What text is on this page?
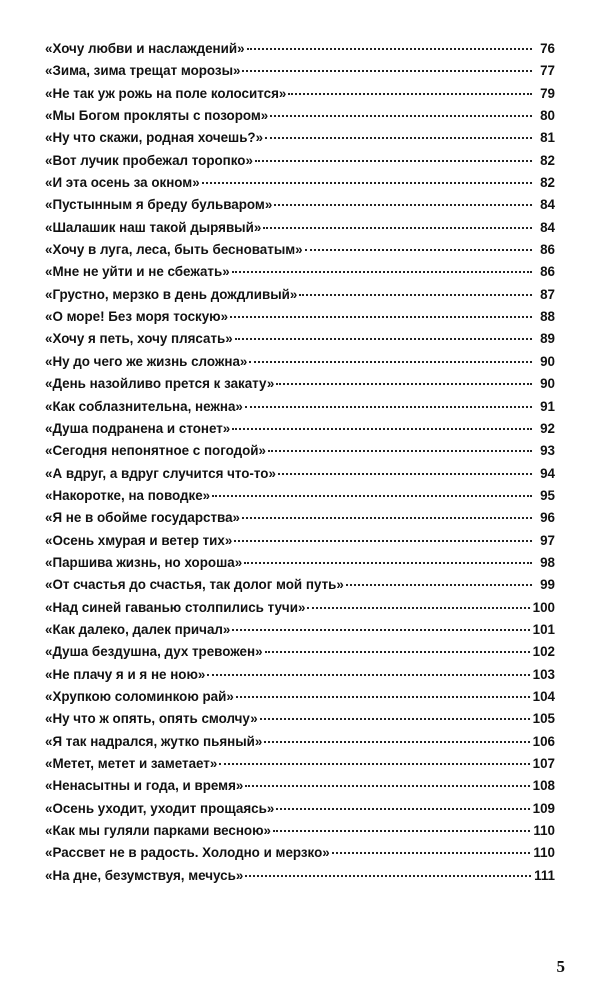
«Хочу любви и наслаждений»	76
«Зима, зима трещат морозы»	77
«Не так уж рожь на поле колосится»	79
«Мы Богом прокляты с позором»	80
«Ну что скажи, родная хочешь?»	81
«Вот лучик пробежал торопко»	82
«И эта осень за окном»	82
«Пустынным я бреду бульваром»	84
«Шалашик наш такой дырявый»	84
«Хочу в луга, леса, быть бесноватым»	86
«Мне не уйти и не сбежать»	86
«Грустно, мерзко в день дождливый»	87
«О море! Без моря тоскую»	88
«Хочу я петь, хочу плясать»	89
«Ну до чего же жизнь сложна»	90
«День назойливо прется к закату»	90
«Как соблазнительна, нежна»	91
«Душа подранена и стонет»	92
«Сегодня непонятное с погодой»	93
«А вдруг, а вдруг случится что-то»	94
«Накоротке, на поводке»	95
«Я не в обойме государства»	96
«Осень хмурая и ветер тих»	97
«Паршива жизнь, но хороша»	98
«От счастья до счастья, так долог мой путь»	99
«Над синей гаванью столпились тучи»	100
«Как далеко, далек причал»	101
«Душа бездушна, дух тревожен»	102
«Не плачу я и я не ною»	103
«Хрупкою соломинкою рай»	104
«Ну что ж опять, опять смолчу»	105
«Я так надрался, жутко пьяный»	106
«Метет, метет и заметает»	107
«Ненасытны и года, и время»	108
«Осень уходит, уходит прощаясь»	109
«Как мы гуляли парками весною»	110
«Рассвет не в радость. Холодно и мерзко»	110
«На дне, безумствуя, мечусь»	111
5
